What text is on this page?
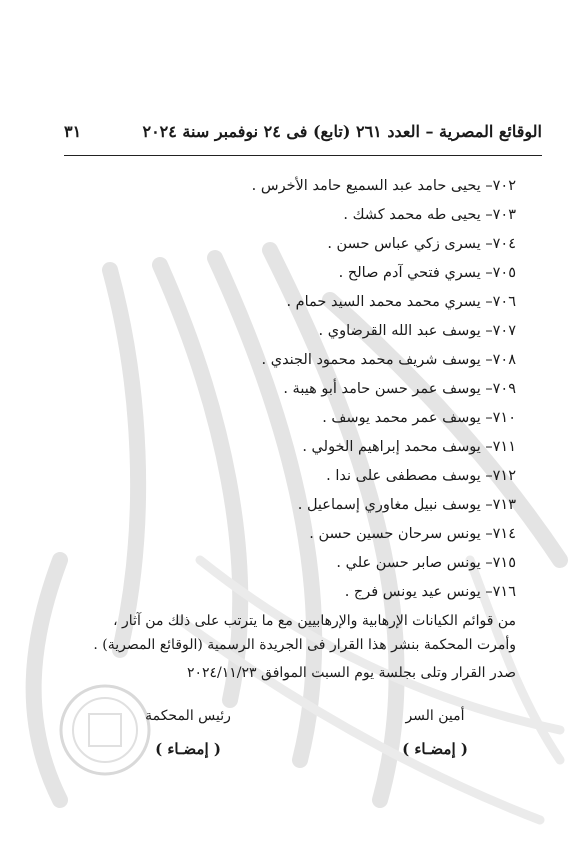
الوقائع المصرية – العدد ٢٦١ (تابع) فى ٢٤ نوفمبر سنة ٢٠٢٤
٣١
٧٠٢– يحيى حامد عبد السميع حامد الأخرس .
٧٠٣– يحيى طه محمد كشك .
٧٠٤– يسرى زكي عباس حسن .
٧٠٥– يسري فتحي آدم صالح .
٧٠٦– يسري محمد محمد السيد حمام .
٧٠٧– يوسف عبد الله القرضاوي .
٧٠٨– يوسف شريف محمد محمود الجندي .
٧٠٩– يوسف عمر حسن حامد أبو هيبة .
٧١٠– يوسف عمر محمد يوسف .
٧١١– يوسف محمد إبراهيم الخولي .
٧١٢– يوسف مصطفى على ندا .
٧١٣– يوسف نبيل مغاوري إسماعيل .
٧١٤– يونس سرحان حسين حسن .
٧١٥– يونس صابر حسن علي .
٧١٦– يونس عيد يونس فرج .
من قوائم الكيانات الإرهابية والإرهابيين مع ما يترتب على ذلك من آثار ،
وأمرت المحكمة بنشر هذا القرار فى الجريدة الرسمية (الوقائع المصرية) .
صدر القرار وتلى بجلسة يوم السبت الموافق ٢٠٢٤/١١/٢٣
رئيس المحكمة
( إمضـاء )
أمين السر
( إمضـاء )
